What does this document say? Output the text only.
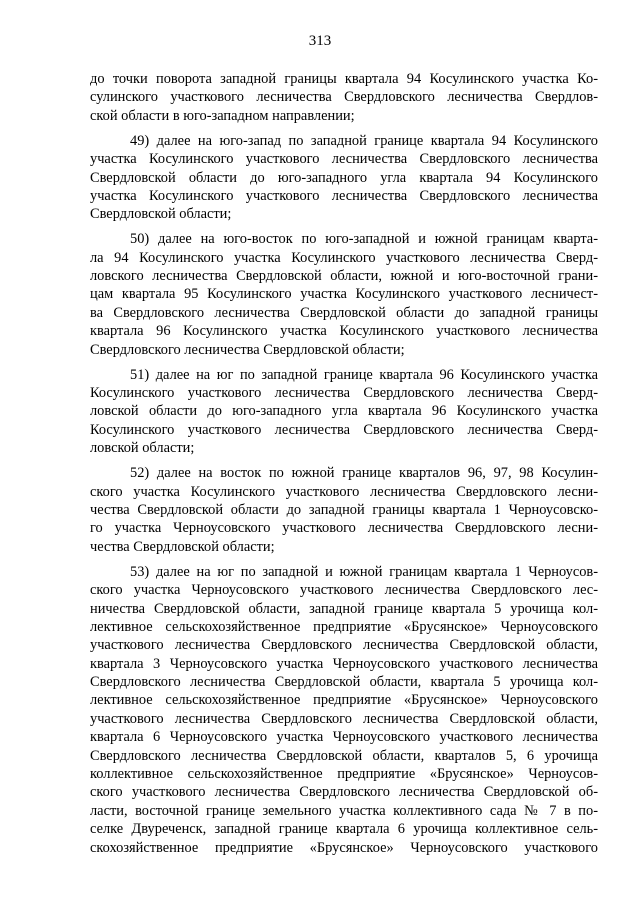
313
до точки поворота западной границы квартала 94 Косулинского участка Ко-
сулинского участкового лесничества Свердловского лесничества Свердлов-
ской области в юго-западном направлении;
49) далее на юго-запад по западной границе квартала 94 Косулинского
участка Косулинского участкового лесничества Свердловского лесничества
Свердловской области до юго-западного угла квартала 94 Косулинского
участка Косулинского участкового лесничества Свердловского лесничества
Свердловской области;
50) далее на юго-восток по юго-западной и южной границам кварта-
ла 94 Косулинского участка Косулинского участкового лесничества Сверд-
ловского лесничества Свердловской области, южной и юго-восточной грани-
цам квартала 95 Косулинского участка Косулинского участкового лесничест-
ва Свердловского лесничества Свердловской области до западной границы
квартала 96 Косулинского участка Косулинского участкового лесничества
Свердловского лесничества Свердловской области;
51) далее на юг по западной границе квартала 96 Косулинского участка
Косулинского участкового лесничества Свердловского лесничества Сверд-
ловской области до юго-западного угла квартала 96 Косулинского участка
Косулинского участкового лесничества Свердловского лесничества Сверд-
ловской области;
52) далее на восток по южной границе кварталов 96, 97, 98 Косулин-
ского участка Косулинского участкового лесничества Свердловского лесни-
чества Свердловской области до западной границы квартала 1 Черноусовско-
го участка Черноусовского участкового лесничества Свердловского лесни-
чества Свердловской области;
53) далее на юг по западной и южной границам квартала 1 Черноусов-
ского участка Черноусовского участкового лесничества Свердловского лес-
ничества Свердловской области, западной границе квартала 5 урочища кол-
лективное сельскохозяйственное предприятие «Брусянское» Черноусовского
участкового лесничества Свердловского лесничества Свердловской области,
квартала 3 Черноусовского участка Черноусовского участкового лесничества
Свердловского лесничества Свердловской области, квартала 5 урочища кол-
лективное сельскохозяйственное предприятие «Брусянское» Черноусовского
участкового лесничества Свердловского лесничества Свердловской области,
квартала 6 Черноусовского участка Черноусовского участкового лесничества
Свердловского лесничества Свердловской области, кварталов 5, 6 урочища
коллективное сельскохозяйственное предприятие «Брусянское» Черноусов-
ского участкового лесничества Свердловского лесничества Свердловской об-
ласти, восточной границе земельного участка коллективного сада № 7 в по-
селке Двуреченск, западной границе квартала 6 урочища коллективное сель-
скохозяйственное предприятие «Брусянское» Черноусовского участкового
